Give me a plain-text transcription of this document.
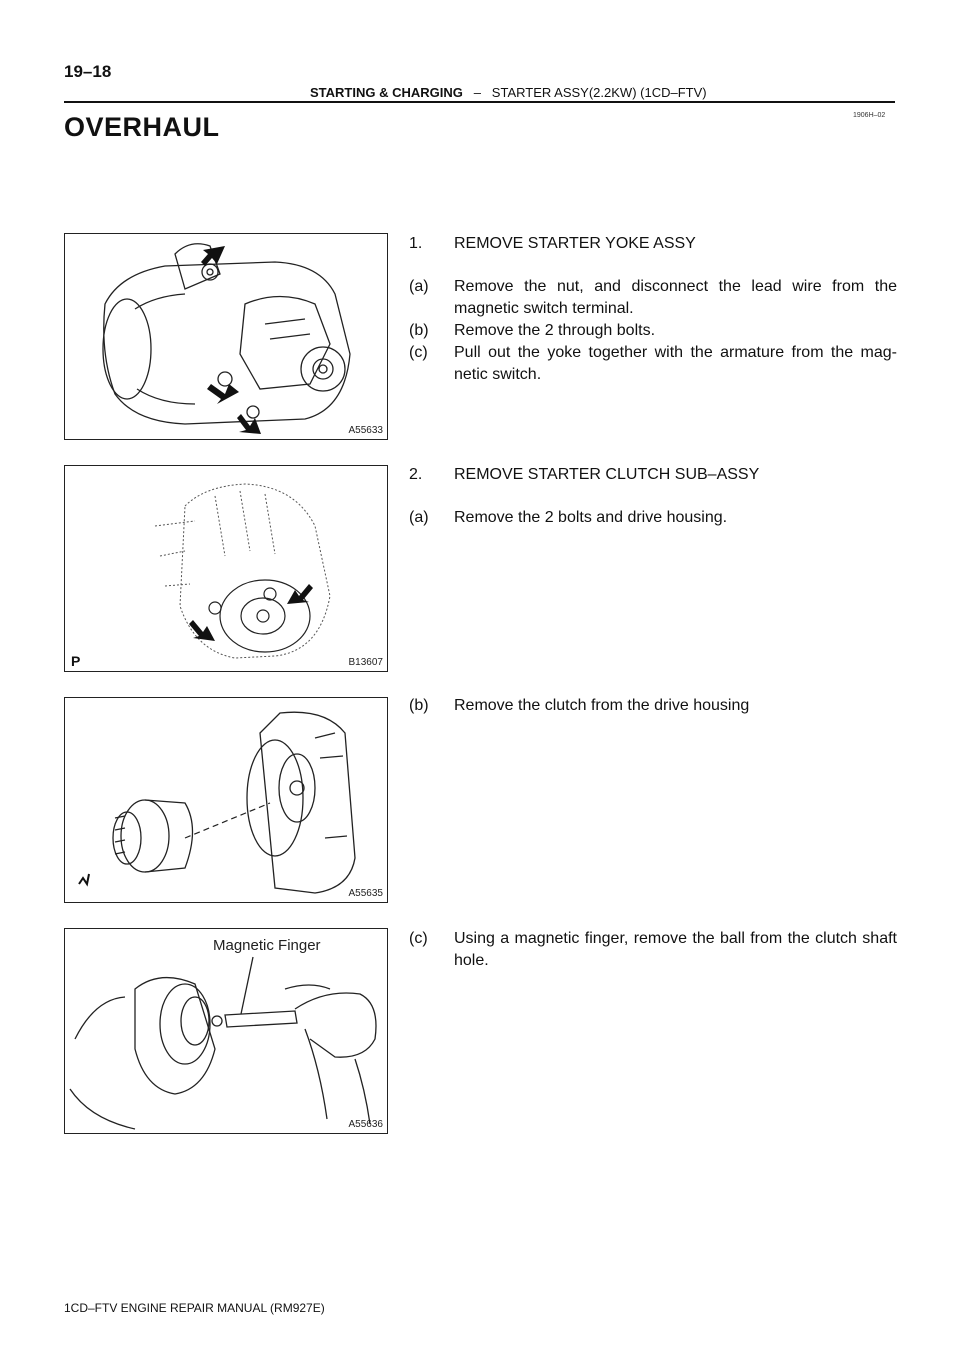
19–18
STARTING & CHARGING – STARTER ASSY(2.2KW) (1CD–FTV)
1906H–02
OVERHAUL
A55633
P	B13607
A55635
Magnetic Finger
A55636
1. REMOVE STARTER YOKE ASSY
(a) Remove the nut, and disconnect the lead wire from the magnetic switch terminal.
(b) Remove the 2 through bolts.
(c) Pull out the yoke together with the armature from the mag-netic switch.
2. REMOVE STARTER CLUTCH SUB–ASSY
(a) Remove the 2 bolts and drive housing.
(b) Remove the clutch from the drive housing
(c) Using a magnetic finger, remove the ball from the clutch shaft hole.
1CD–FTV ENGINE REPAIR MANUAL (RM927E)
